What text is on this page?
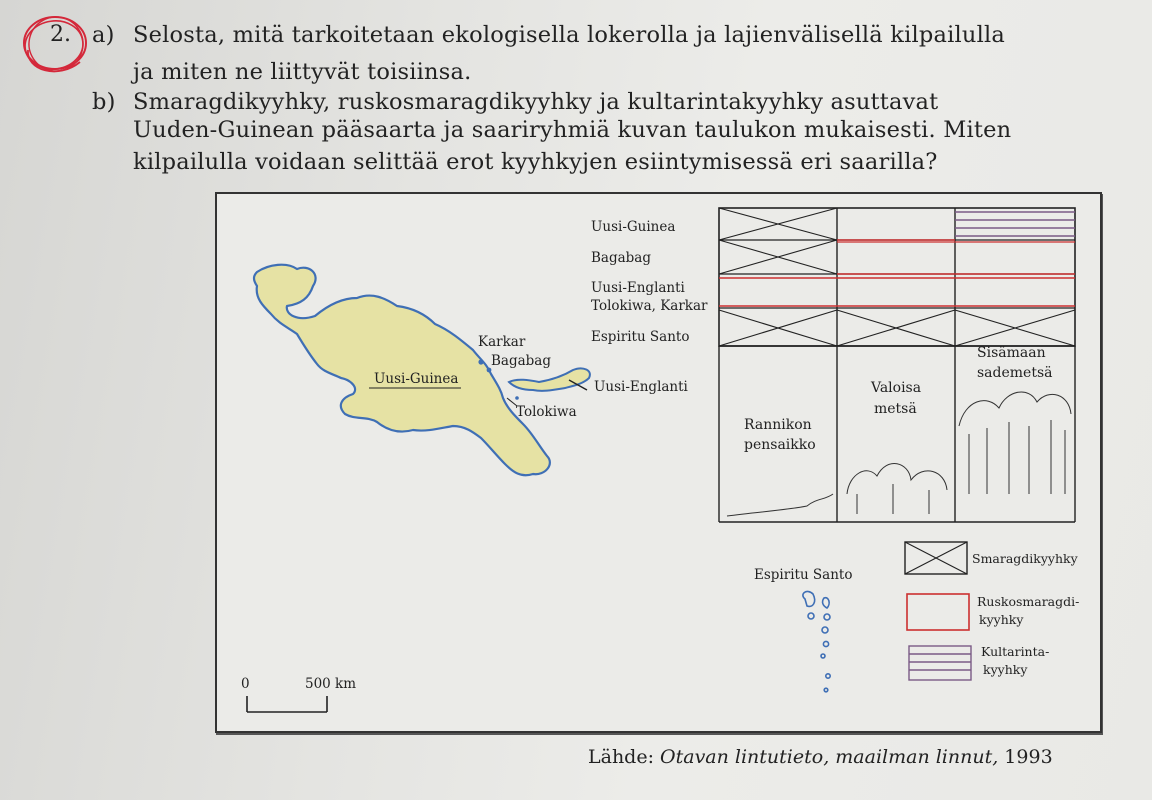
2. a) Selosta, mitä tarkoitetaan ekologisella lokerolla ja lajienvälisellä kilpailulla
ja miten ne liittyvät toisiinsa.
b) Smaragdikyyhky, ruskosmaragdikyyhky ja kultarintakyyhky asuttavat
Uuden-Guinean pääsaarta ja saariryhmiä kuvan taulukon mukaisesti. Miten
kilpailulla voidaan selittää erot kyyhkyjen esiintymisessä eri saarilla?
Uusi-Guinea
Karkar
Bagabag
Uusi-Englanti
Tolokiwa
Espiritu Santo
0	500 km
Uusi-Guinea
Bagabag
Uusi-Englanti
Tolokiwa, Karkar
Espiritu Santo
Rannikon
pensaikko
Valoisa
metsä
Sisämaan
sademetsä
Smaragdikyyhky
Ruskosmaragdi-
kyyhky
Kultarinta-
kyyhky
Lähde: Otavan lintutieto, maailman linnut, 1993
